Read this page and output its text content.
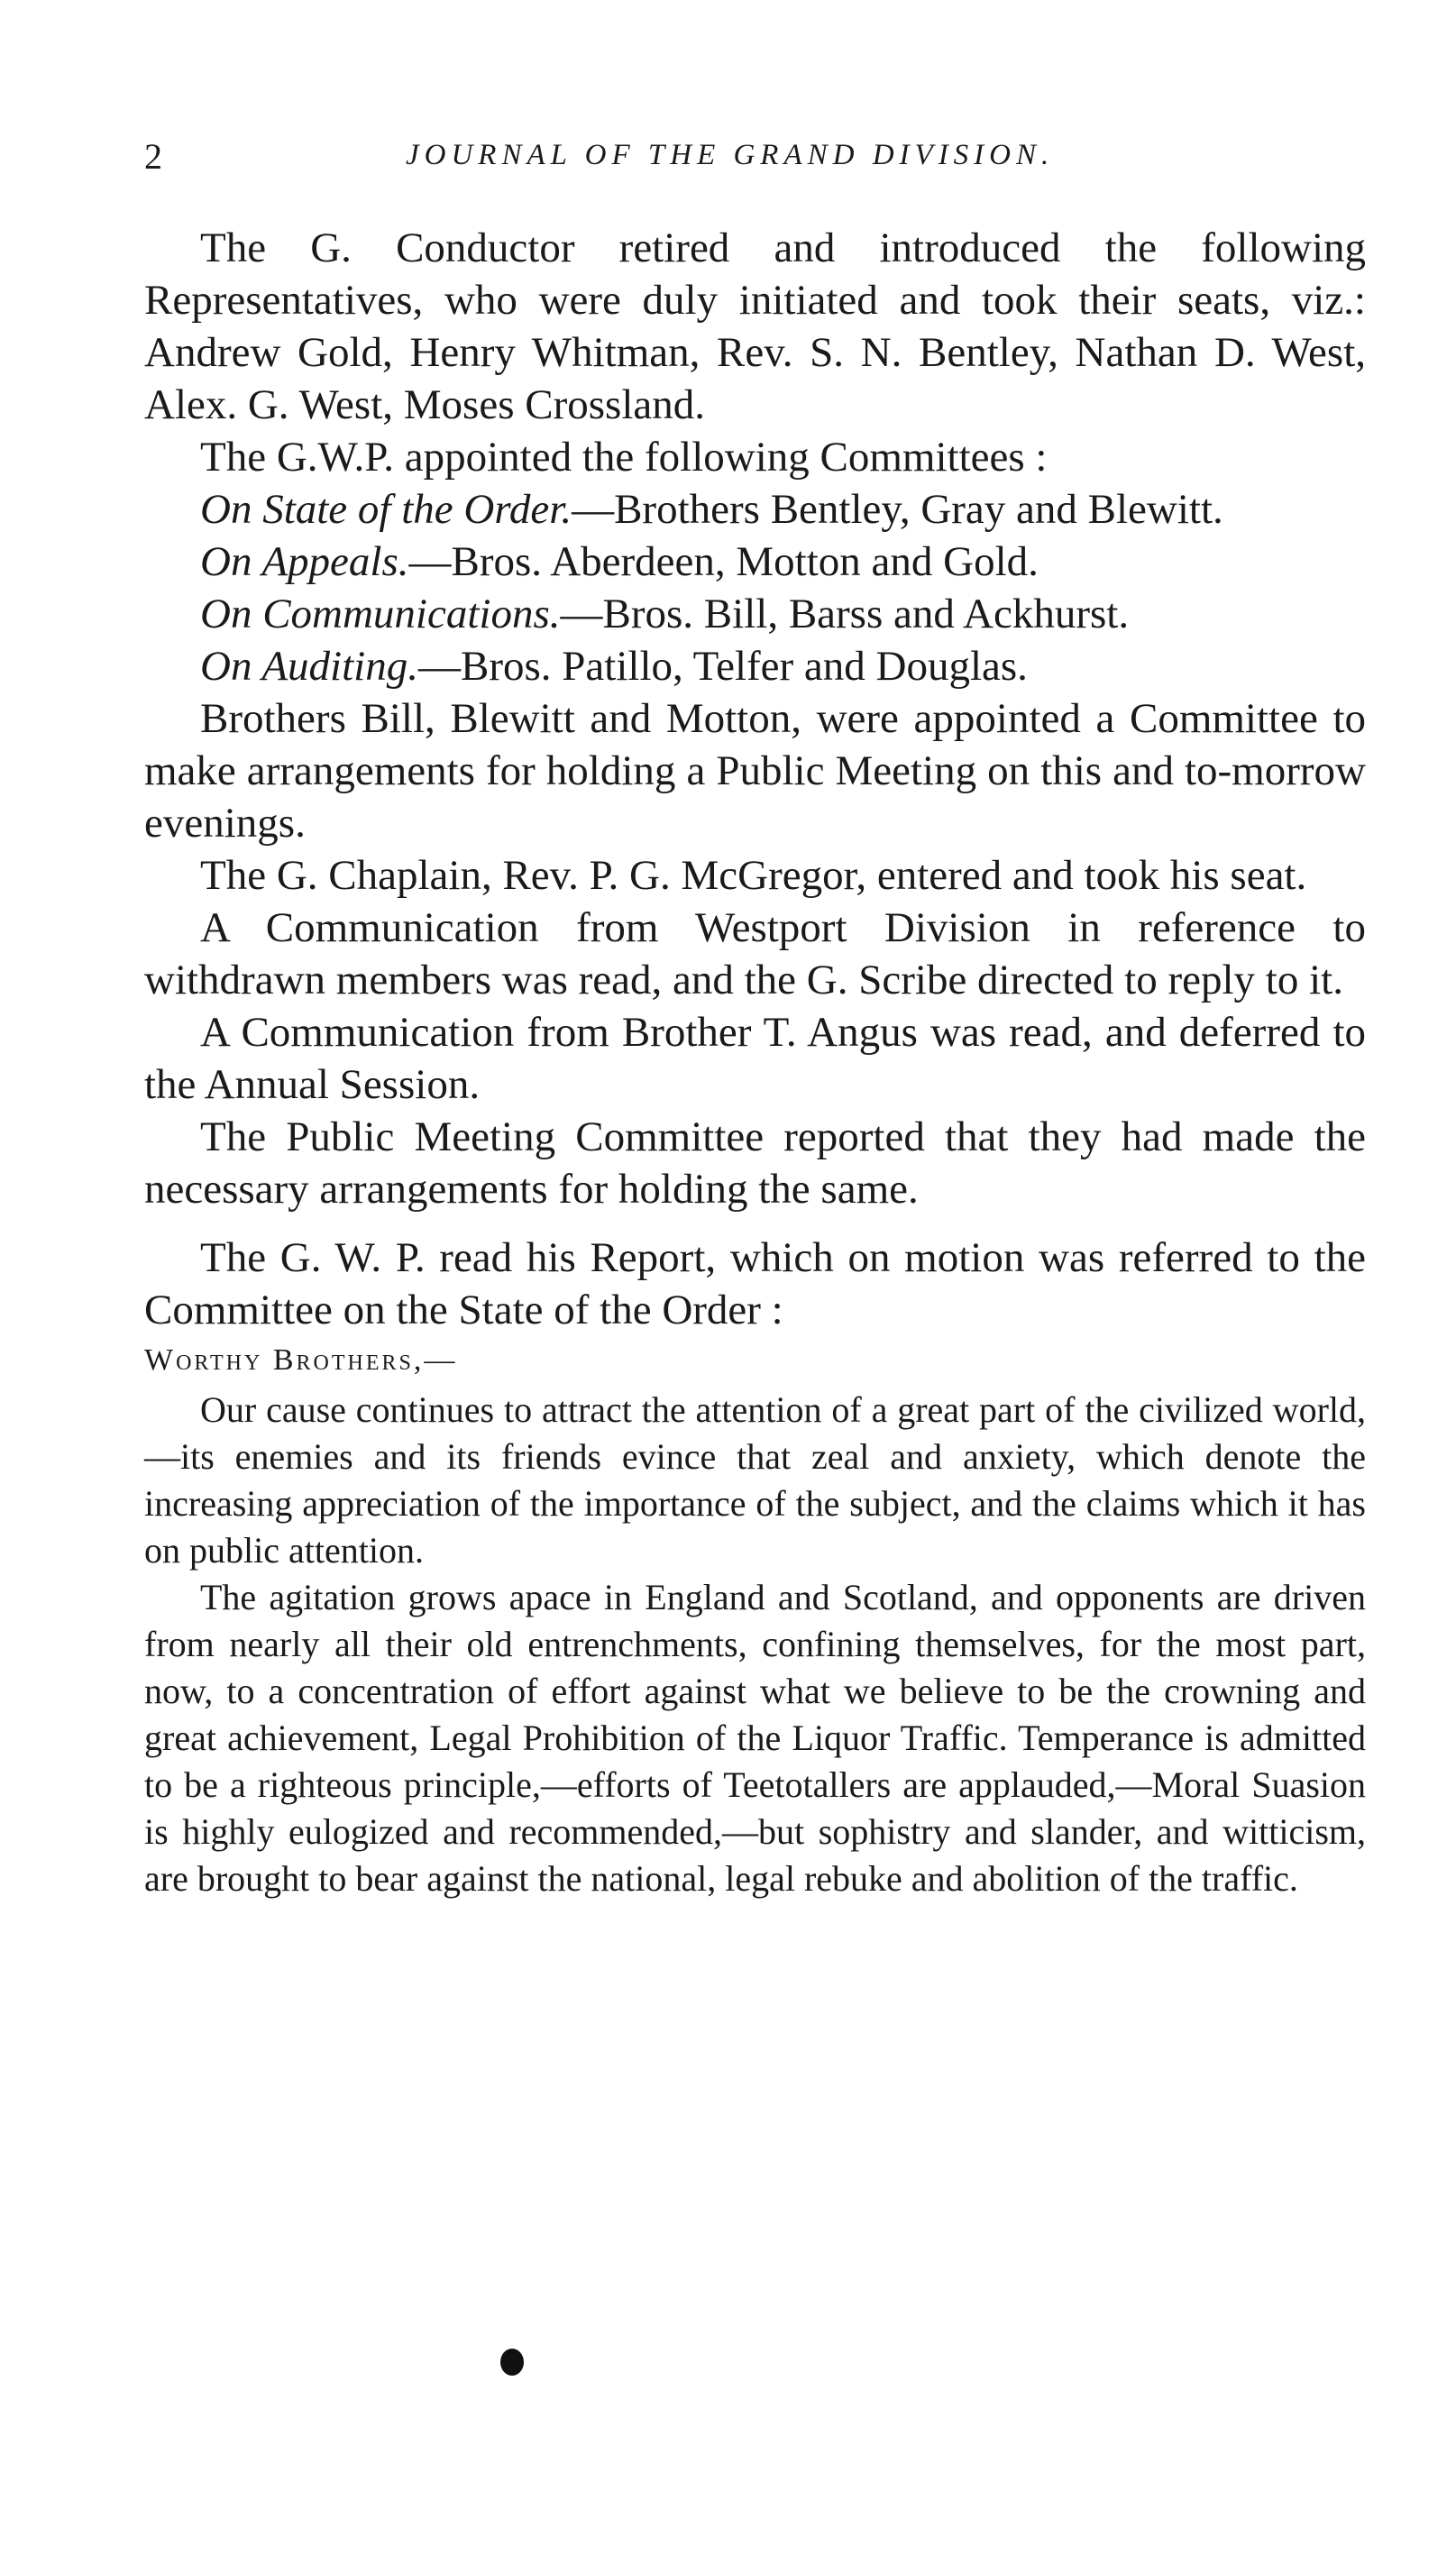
2	JOURNAL OF THE GRAND DIVISION.

The G. Conductor retired and introduced the following Representatives, who were duly initiated and took their seats, viz.: Andrew Gold, Henry Whitman, Rev. S. N. Bentley, Nathan D. West, Alex. G. West, Moses Crossland.

The G.W.P. appointed the following Committees :

On State of the Order.—Brothers Bentley, Gray and Blewitt.

On Appeals.—Bros. Aberdeen, Motton and Gold.

On Communications.—Bros. Bill, Barss and Ackhurst.

On Auditing.—Bros. Patillo, Telfer and Douglas.

Brothers Bill, Blewitt and Motton, were appointed a Committee to make arrangements for holding a Public Meeting on this and to-morrow evenings.

The G. Chaplain, Rev. P. G. McGregor, entered and took his seat.

A Communication from Westport Division in reference to withdrawn members was read, and the G. Scribe directed to reply to it.

A Communication from Brother T. Angus was read, and deferred to the Annual Session.

The Public Meeting Committee reported that they had made the necessary arrangements for holding the same.

The G. W. P. read his Report, which on motion was referred to the Committee on the State of the Order :

Worthy Brothers,—

Our cause continues to attract the attention of a great part of the civilized world,—its enemies and its friends evince that zeal and anxiety, which denote the increasing appreciation of the importance of the subject, and the claims which it has on public attention.

The agitation grows apace in England and Scotland, and opponents are driven from nearly all their old entrenchments, confining themselves, for the most part, now, to a concentration of effort against what we believe to be the crowning and great achievement, Legal Prohibition of the Liquor Traffic. Temperance is admitted to be a righteous principle,—efforts of Teetotallers are applauded,—Moral Suasion is highly eulogized and recommended,—but sophistry and slander, and witticism, are brought to bear against the national, legal rebuke and abolition of the traffic.
